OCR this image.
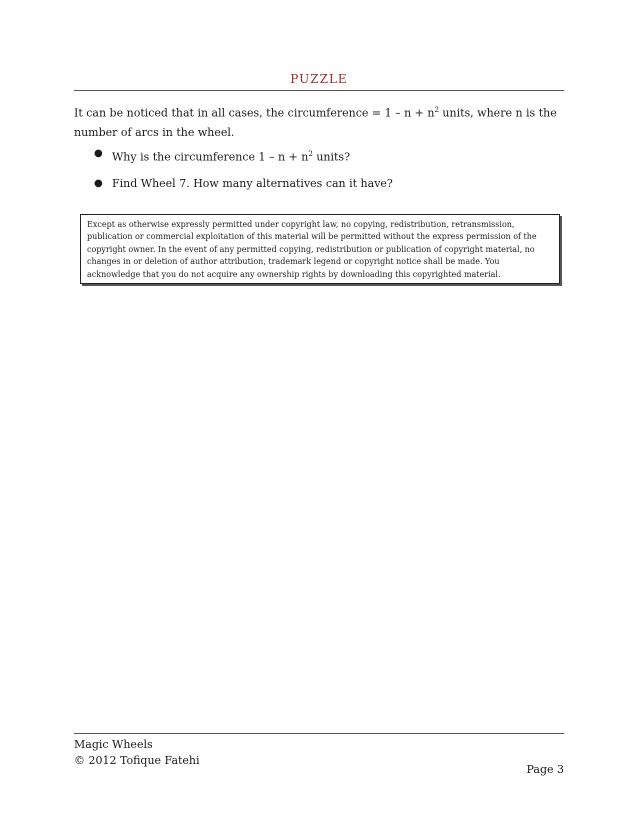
PUZZLE
It can be noticed that in all cases, the circumference = $1 - n + n^2$ units, where n is the number of arcs in the wheel.
● Why is the circumference $1 - n + n^2$ units?
● Find Wheel 7. How many alternatives can it have?
Except as otherwise expressly permitted under copyright law, no copying, redistribution, retransmission, publication or commercial exploitation of this material will be permitted without the express permission of the copyright owner. In the event of any permitted copying, redistribution or publication of copyright material, no changes in or deletion of author attribution, trademark legend or copyright notice shall be made. You acknowledge that you do not acquire any ownership rights by downloading this copyrighted material.
Magic Wheels
© 2012 Tofique Fatehi
Page 3
